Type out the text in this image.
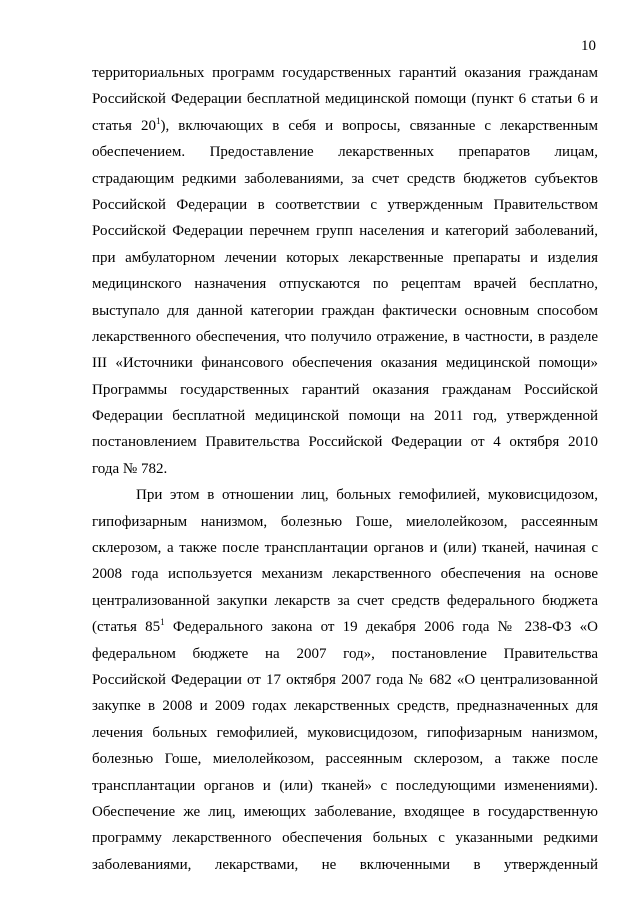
10
территориальных программ государственных гарантий оказания гражданам
Российской Федерации бесплатной медицинской помощи (пункт 6 статьи 6 и
статья $20^1$), включающих в себя и вопросы, связанные с лекарственным
обеспечением. Предоставление лекарственных препаратов лицам,
страдающим редкими заболеваниями, за счет средств бюджетов субъектов
Российской Федерации в соответствии с утвержденным Правительством
Российской Федерации перечнем групп населения и категорий заболеваний,
при амбулаторном лечении которых лекарственные препараты и изделия
медицинского назначения отпускаются по рецептам врачей бесплатно,
выступало для данной категории граждан фактически основным способом
лекарственного обеспечения, что получило отражение, в частности, в разделе
III «Источники финансового обеспечения оказания медицинской помощи»
Программы государственных гарантий оказания гражданам Российской
Федерации бесплатной медицинской помощи на 2011 год, утвержденной
постановлением Правительства Российской Федерации от 4 октября 2010
года № 782.
При этом в отношении лиц, больных гемофилией, муковисцидозом,
гипофизарным нанизмом, болезнью Гоше, миелолейкозом, рассеянным
склерозом, а также после трансплантации органов и (или) тканей, начиная с
2008 года используется механизм лекарственного обеспечения на основе
централизованной закупки лекарств за счет средств федерального бюджета
(статья $85^1$ Федерального закона от 19 декабря 2006 года № 238-ФЗ «О
федеральном бюджете на 2007 год», постановление Правительства
Российской Федерации от 17 октября 2007 года № 682 «О централизованной
закупке в 2008 и 2009 годах лекарственных средств, предназначенных для
лечения больных гемофилией, муковисцидозом, гипофизарным нанизмом,
болезнью Гоше, миелолейкозом, рассеянным склерозом, а также после
трансплантации органов и (или) тканей» с последующими изменениями).
Обеспечение же лиц, имеющих заболевание, входящее в государственную
программу лекарственного обеспечения больных с указанными редкими
заболеваниями, лекарствами, не включенными в утвержденный
